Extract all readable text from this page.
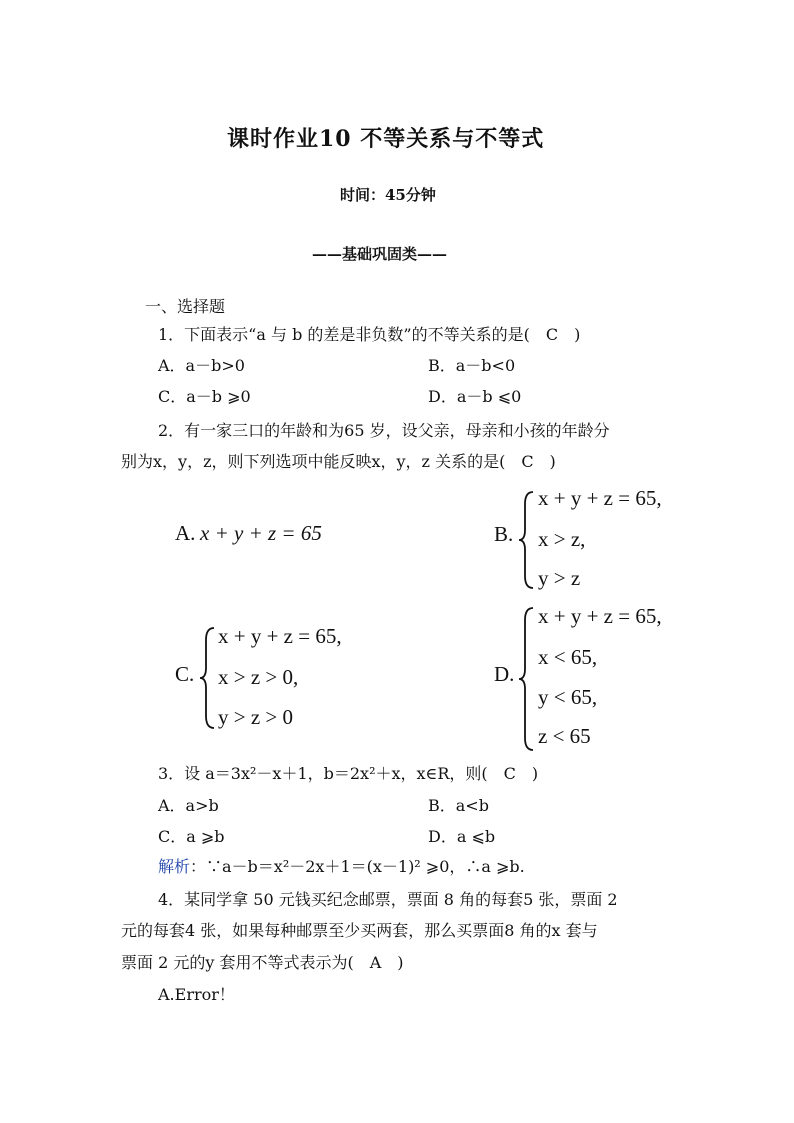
课时作业10 不等关系与不等式
时间：45分钟
——基础巩固类——
一、选择题
1．下面表示“a 与 b 的差是非负数”的不等关系的是(　C　)
A．a－b>0	B．a－b<0
C．a－b ⩾0	D．a－b ⩽0
2．有一家三口的年龄和为65 岁，设父亲，母亲和小孩的年龄分
别为x，y，z，则下列选项中能反映x，y，z 关系的是(　C　)
A. x + y + z = 65	B.
x + y + z = 65,
x > z,
y > z
C.
x + y + z = 65,
x > z > 0,
y > z > 0
D.
x + y + z = 65,
x < 65,
y < 65,
z < 65
3．设 a＝3x²－x＋1，b＝2x²＋x，x∈R，则(　C　)
A．a>b	B．a<b
C．a ⩾b	D．a ⩽b
解析：∵a－b＝x²－2x＋1＝(x－1)² ⩾0，∴a ⩾b.
4．某同学拿 50 元钱买纪念邮票，票面 8 角的每套5 张，票面 2
元的每套4 张，如果每种邮票至少买两套，那么买票面8 角的x 套与
票面 2 元的y 套用不等式表示为(　A　)
A.Error！
